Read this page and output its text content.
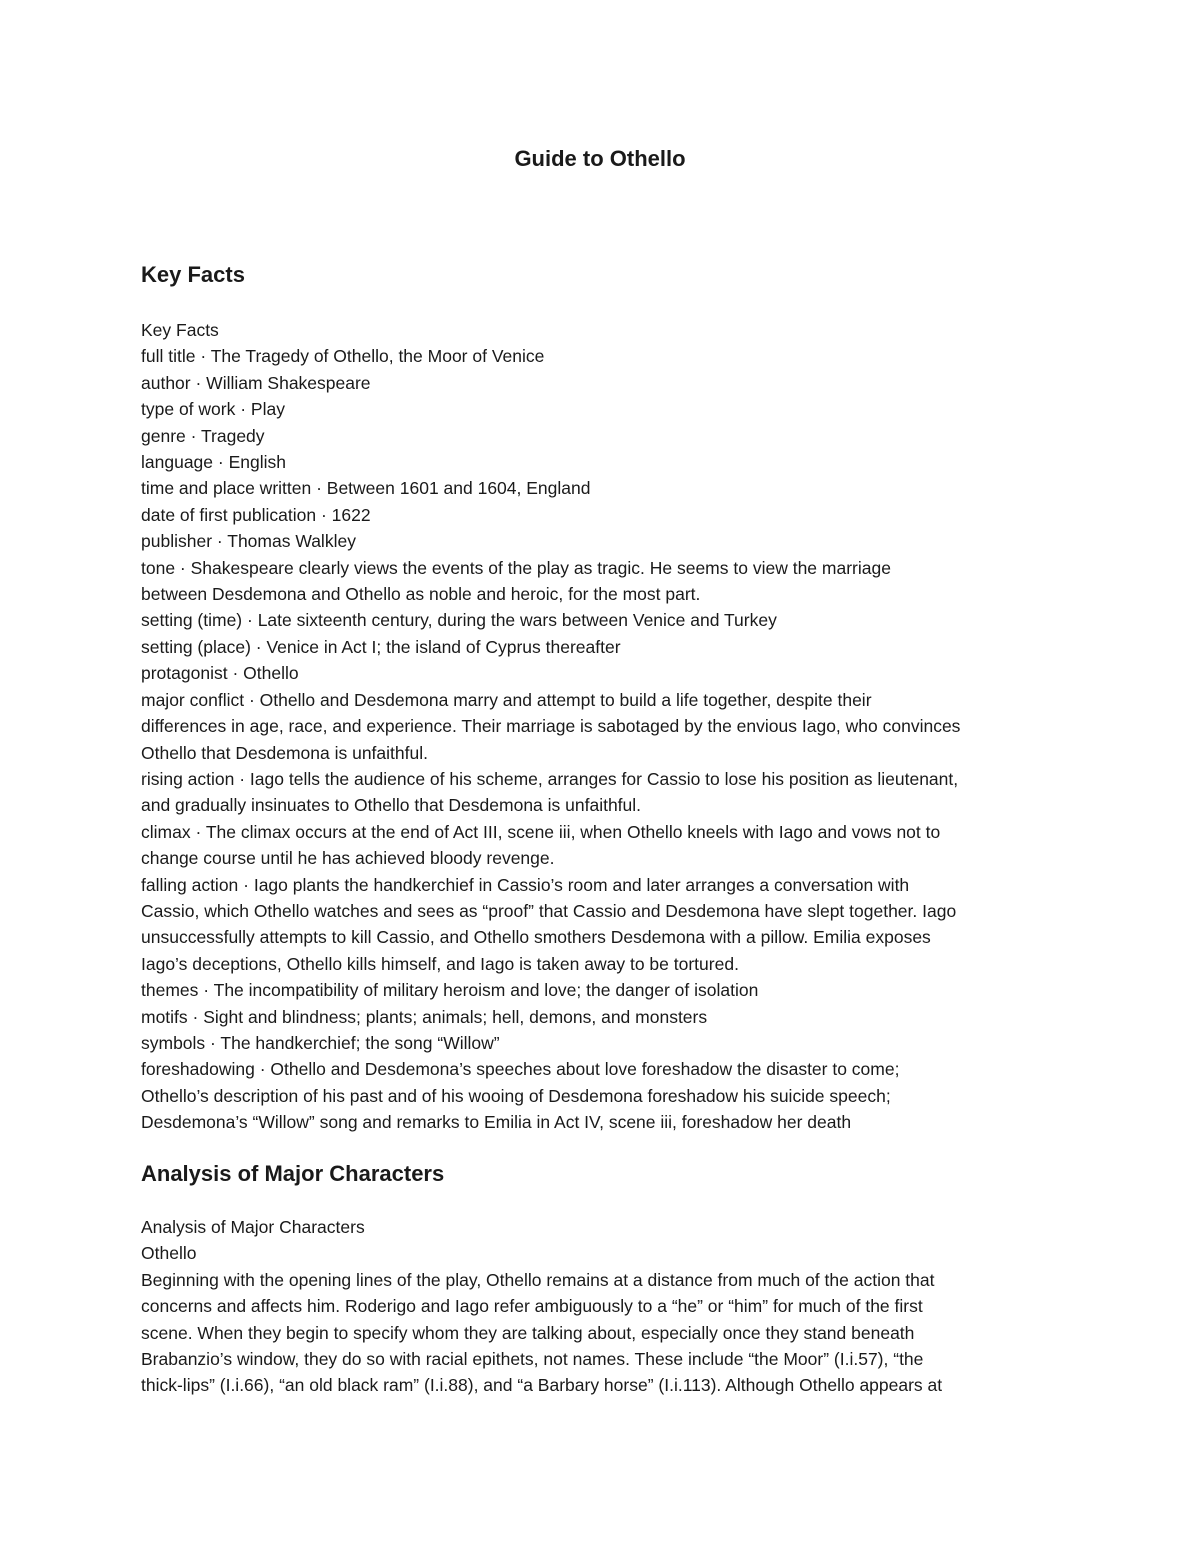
Guide to Othello
Key Facts
Key Facts
full title · The Tragedy of Othello, the Moor of Venice
author · William Shakespeare
type of work · Play
genre · Tragedy
language · English
time and place written · Between 1601 and 1604, England
date of first publication · 1622
publisher · Thomas Walkley
tone · Shakespeare clearly views the events of the play as tragic. He seems to view the marriage
between Desdemona and Othello as noble and heroic, for the most part.
setting (time) · Late sixteenth century, during the wars between Venice and Turkey
setting (place) · Venice in Act I; the island of Cyprus thereafter
protagonist · Othello
major conflict · Othello and Desdemona marry and attempt to build a life together, despite their
differences in age, race, and experience. Their marriage is sabotaged by the envious Iago, who convinces
Othello that Desdemona is unfaithful.
rising action · Iago tells the audience of his scheme, arranges for Cassio to lose his position as lieutenant,
and gradually insinuates to Othello that Desdemona is unfaithful.
climax · The climax occurs at the end of Act III, scene iii, when Othello kneels with Iago and vows not to
change course until he has achieved bloody revenge.
falling action · Iago plants the handkerchief in Cassio’s room and later arranges a conversation with
Cassio, which Othello watches and sees as “proof” that Cassio and Desdemona have slept together. Iago
unsuccessfully attempts to kill Cassio, and Othello smothers Desdemona with a pillow. Emilia exposes
Iago’s deceptions, Othello kills himself, and Iago is taken away to be tortured.
themes · The incompatibility of military heroism and love; the danger of isolation
motifs · Sight and blindness; plants; animals; hell, demons, and monsters
symbols · The handkerchief; the song “Willow”
foreshadowing · Othello and Desdemona’s speeches about love foreshadow the disaster to come;
Othello’s description of his past and of his wooing of Desdemona foreshadow his suicide speech;
Desdemona’s “Willow” song and remarks to Emilia in Act IV, scene iii, foreshadow her death
Analysis of Major Characters
Analysis of Major Characters
Othello
Beginning with the opening lines of the play, Othello remains at a distance from much of the action that
concerns and affects him. Roderigo and Iago refer ambiguously to a “he” or “him” for much of the first
scene. When they begin to specify whom they are talking about, especially once they stand beneath
Brabanzio’s window, they do so with racial epithets, not names. These include “the Moor” (I.i.57), “the
thick-lips” (I.i.66), “an old black ram” (I.i.88), and “a Barbary horse” (I.i.113). Although Othello appears at
